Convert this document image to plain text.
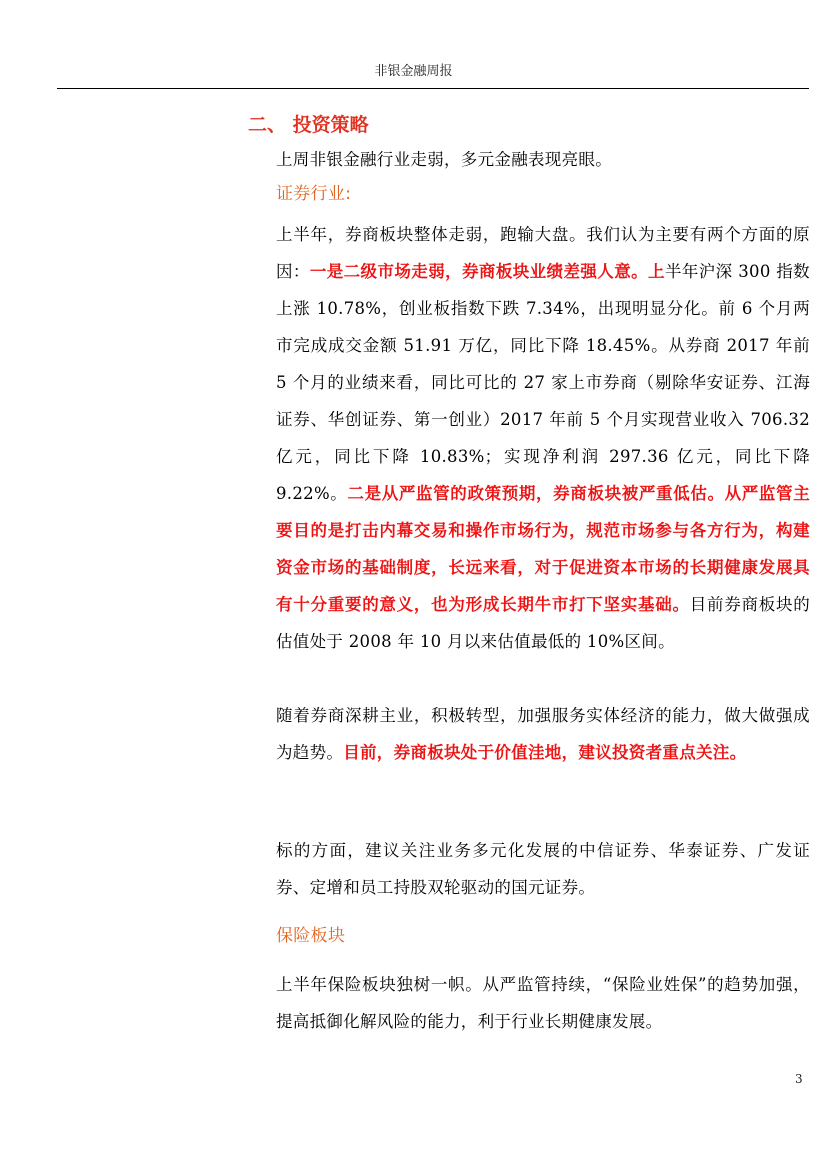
非银金融周报
二、 投资策略
上周非银金融行业走弱，多元金融表现亮眼。
证券行业:
上半年，券商板块整体走弱，跑输大盘。我们认为主要有两个方面的原因：一是二级市场走弱，券商板块业绩差强人意。上半年沪深 300 指数上涨 10.78%，创业板指数下跌 7.34%，出现明显分化。前 6 个月两市完成成交金额 51.91 万亿，同比下降 18.45%。从券商 2017 年前 5 个月的业绩来看，同比可比的 27 家上市券商（剔除华安证券、江海证券、华创证券、第一创业）2017 年前 5 个月实现营业收入 706.32 亿元，同比下降 10.83%；实现净利润 297.36 亿元，同比下降 9.22%。二是从严监管的政策预期，券商板块被严重低估。从严监管主要目的是打击内幕交易和操作市场行为，规范市场参与各方行为，构建资金市场的基础制度，长远来看，对于促进资本市场的长期健康发展具有十分重要的意义，也为形成长期牛市打下坚实基础。目前券商板块的估值处于 2008 年 10 月以来估值最低的 10%区间。
随着券商深耕主业，积极转型，加强服务实体经济的能力，做大做强成为趋势。目前，券商板块处于价值洼地，建议投资者重点关注。
标的方面，建议关注业务多元化发展的中信证券、华泰证券、广发证券、定增和员工持股双轮驱动的国元证券。
保险板块
上半年保险板块独树一帜。从严监管持续，“保险业姓保”的趋势加强，提高抵御化解风险的能力，利于行业长期健康发展。
3
